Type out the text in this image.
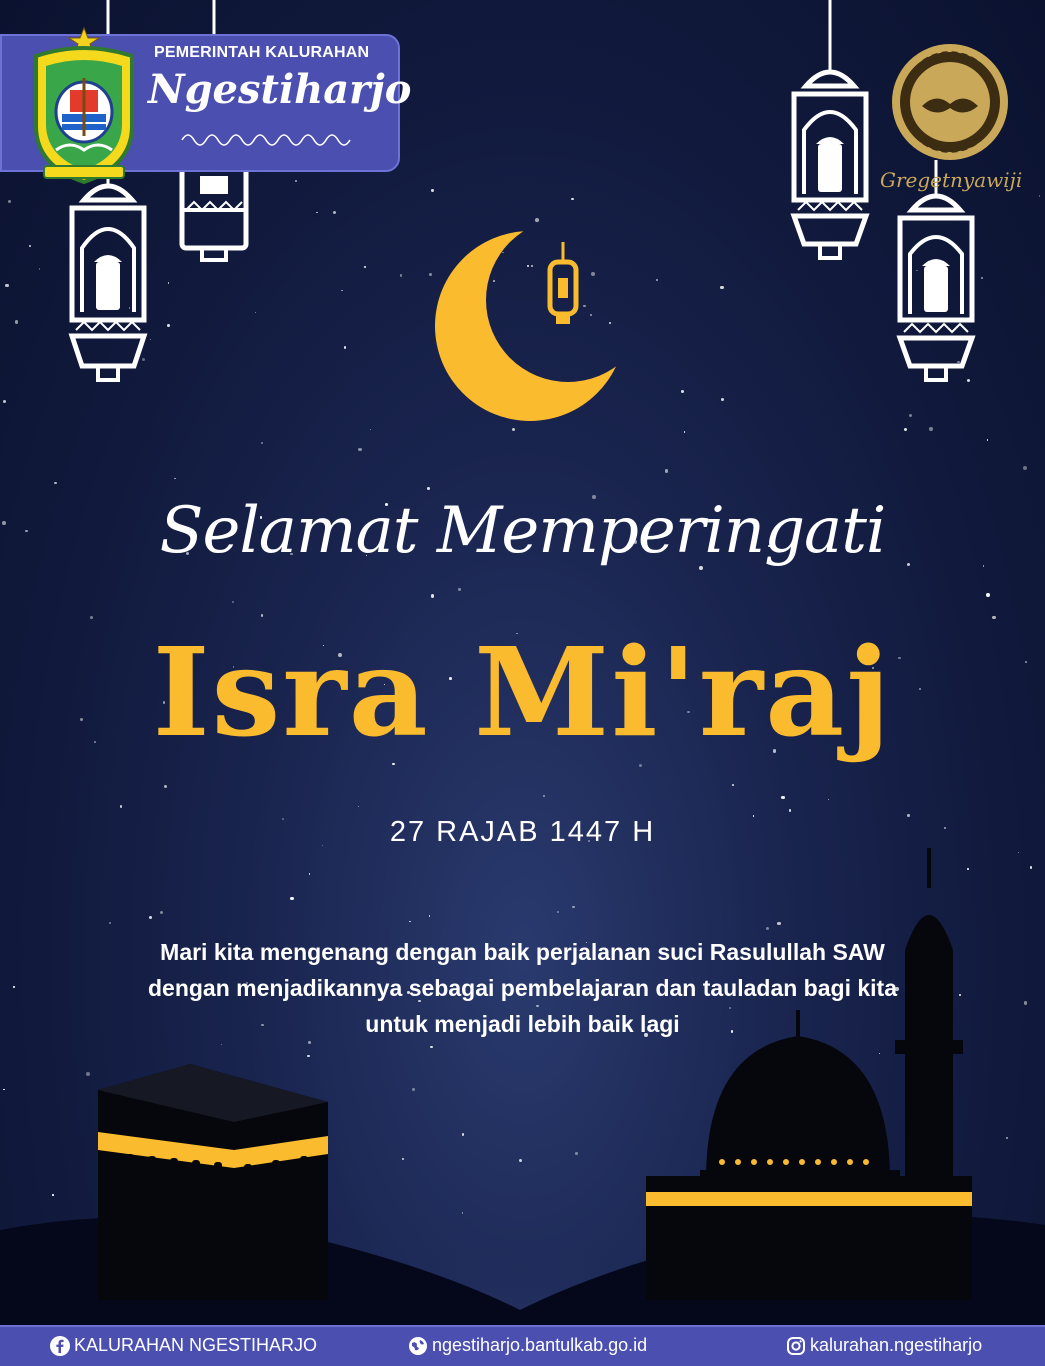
PEMERINTAH KALURAHAN
Ngestiharjo
Gregetnyawiji
Selamat Memperingati
Isra Mi'raj
27 RAJAB 1447 H
Mari kita mengenang dengan baik perjalanan suci Rasulullah SAW
dengan menjadikannya sebagai pembelajaran dan tauladan bagi kita
untuk menjadi lebih baik lagi
KALURAHAN NGESTIHARJO	ngestiharjo.bantulkab.go.id	kalurahan.ngestiharjo
